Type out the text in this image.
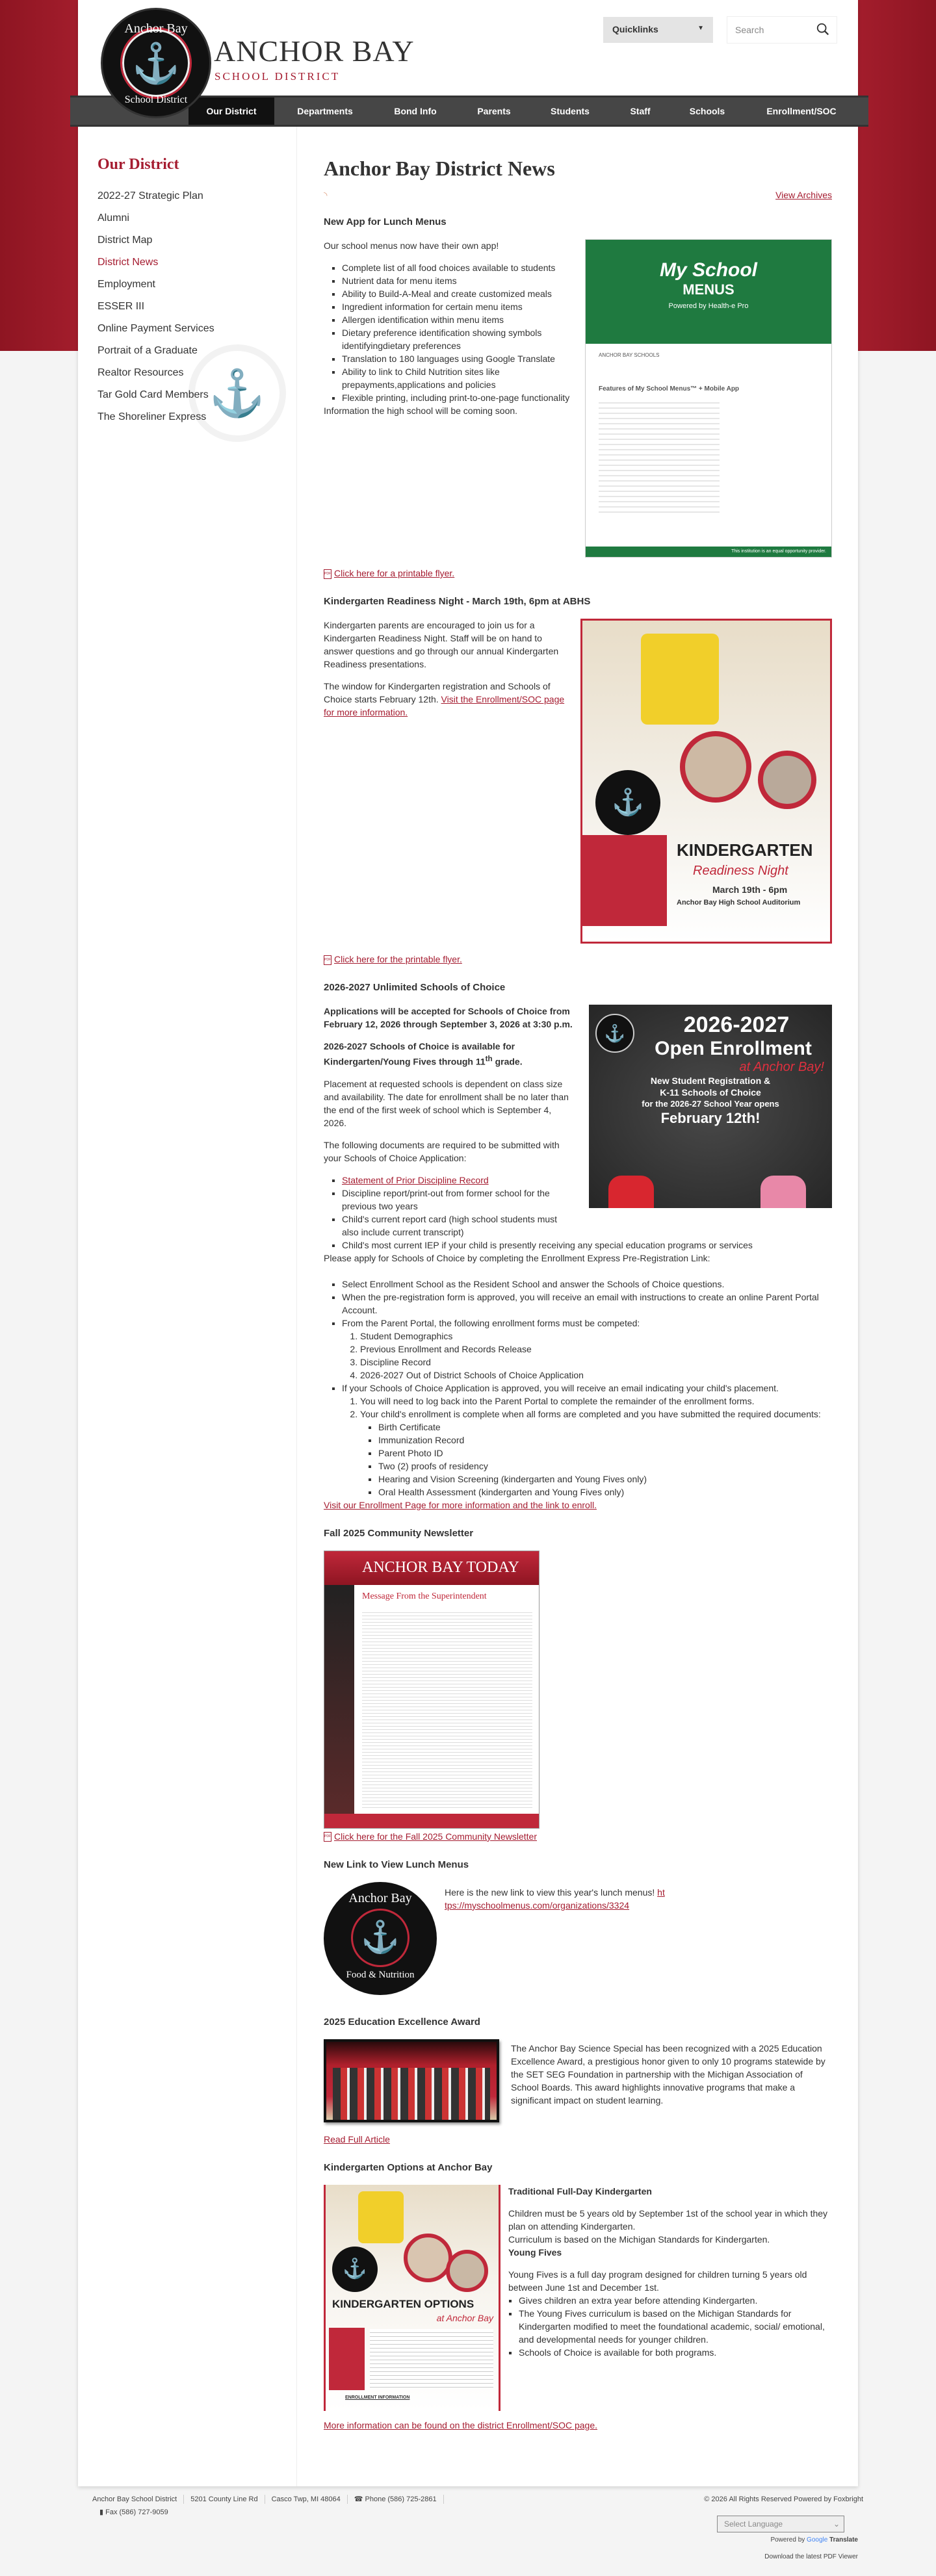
Anchor Bay
⚓
School District
ANCHOR BAY
SCHOOL DISTRICT
Quicklinks	▼	Search
Our District	Departments	Bond Info	Parents	Students	Staff	Schools	Enrollment/SOC
Our District
⚓
2022-27 Strategic Plan
Alumni
District Map
District News
Employment
ESSER III
Online Payment Services
Portrait of a Graduate
Realtor Resources
Tar Gold Card Members
The Shoreliner Express
Anchor Bay District News
◝	View Archives
New App for Lunch Menus
My School
MENUS
Powered by Health-e Pro
ANCHOR BAY SCHOOLS
Features of My School Menus™ + Mobile App
This institution is an equal opportunity provider.

Our school menus now have their own app!

▪ Complete list of all food choices available to students
▪ Nutrient data for menu items
▪ Ability to Build-A-Meal and create customized meals
▪ Ingredient information for certain menu items
▪ Allergen identification within menu items
▪ Dietary preference identification showing symbols identifyingdietary preferences
▪ Translation to 180 languages using Google Translate
▪ Ability to link to Child Nutrition sites like prepayments,applications and policies
▪ Flexible printing, including print-to-one-page functionality
Information the high school will be coming soon.
PDF Click here for a printable flyer.
Kindergarten Readiness Night - March 19th, 6pm at ABHS
⚓
KINDERGARTEN
Readiness Night
March 19th - 6pm
Anchor Bay High School Auditorium

Kindergarten parents are encouraged to join us for a Kindergarten Readiness Night. Staff will be on hand to answer questions and go through our annual Kindergarten Readiness presentations.

The window for Kindergarten registration and Schools of Choice starts February 12th. Visit the Enrollment/SOC page for more information.

PDF Click here for the printable flyer.
2026-2027 Unlimited Schools of Choice
⚓	2026-2027
Open Enrollment
at Anchor Bay!
New Student Registration &
K-11 Schools of Choice
for the 2026-27 School Year opens
February 12th!

Applications will be accepted for Schools of Choice from February 12, 2026 through September 3, 2026 at 3:30 p.m.

2026-2027 Schools of Choice is available for Kindergarten/Young Fives through 11th grade.

Placement at requested schools is dependent on class size and availability. The date for enrollment shall be no later than the end of the first week of school which is September 4, 2026.

The following documents are required to be submitted with your Schools of Choice Application:

▪ Statement of Prior Discipline Record
▪ Discipline report/print-out from former school for the previous two years
▪ Child's current report card (high school students must also include current transcript)
▪ Child's most current IEP if your child is presently receiving any special education programs or services
Please apply for Schools of Choice by completing the Enrollment Express Pre-Registration Link:
▪ Select Enrollment School as the Resident School and answer the Schools of Choice questions.
▪ When the pre-registration form is approved, you will receive an email with instructions to create an online Parent Portal Account.
▪ From the Parent Portal, the following enrollment forms must be competed:
1. Student Demographics
2. Previous Enrollment and Records Release
3. Discipline Record
4. 2026-2027 Out of District Schools of Choice Application
▪ If your Schools of Choice Application is approved, you will receive an email indicating your child's placement.
1. You will need to log back into the Parent Portal to complete the remainder of the enrollment forms.
2. Your child's enrollment is complete when all forms are completed and you have submitted the required documents:
▪ Birth Certificate
▪ Immunization Record
▪ Parent Photo ID
▪ Two (2) proofs of residency
▪ Hearing and Vision Screening (kindergarten and Young Fives only)
▪ Oral Health Assessment (kindergarten and Young Fives only)
Visit our Enrollment Page for more information and the link to enroll.
Fall 2025 Community Newsletter
ANCHOR BAY TODAY
Message From the Superintendent
PDF Click here for the Fall 2025 Community Newsletter
New Link to View Lunch Menus
Anchor Bay
⚓
Food & Nutrition
Here is the new link to view this year's lunch menus! https://myschoolmenus.com/organizations/3324
2025 Education Excellence Award
The Anchor Bay Science Special has been recognized with a 2025 Education Excellence Award, a prestigious honor given to only 10 programs statewide by the SET SEG Foundation in partnership with the Michigan Association of School Boards. This award highlights innovative programs that make a significant impact on student learning.
Read Full Article
Kindergarten Options at Anchor Bay
⚓
KINDERGARTEN OPTIONS
at Anchor Bay
ENROLLMENT INFORMATION
Traditional Full-Day Kindergarten
Children must be 5 years old by September 1st of the school year in which they plan on attending Kindergarten.
Curriculum is based on the Michigan Standards for Kindergarten.
Young Fives
Young Fives is a full day program designed for children turning 5 years old between June 1st and December 1st.
▪ Gives children an extra year before attending Kindergarten.
▪ The Young Fives curriculum is based on the Michigan Standards for Kindergarten modified to meet the foundational academic, social/ emotional, and developmental needs for younger children.
▪ Schools of Choice is available for both programs.
More information can be found on the district Enrollment/SOC page.
Anchor Bay School District	5201 County Line Rd	Casco Twp, MI 48064	☎ Phone (586) 725-2861
▮ Fax (586) 727-9059
© 2026 All Rights Reserved Powered by Foxbright
Select Language	⌄
Powered by Google Translate
Download the latest PDF Viewer
